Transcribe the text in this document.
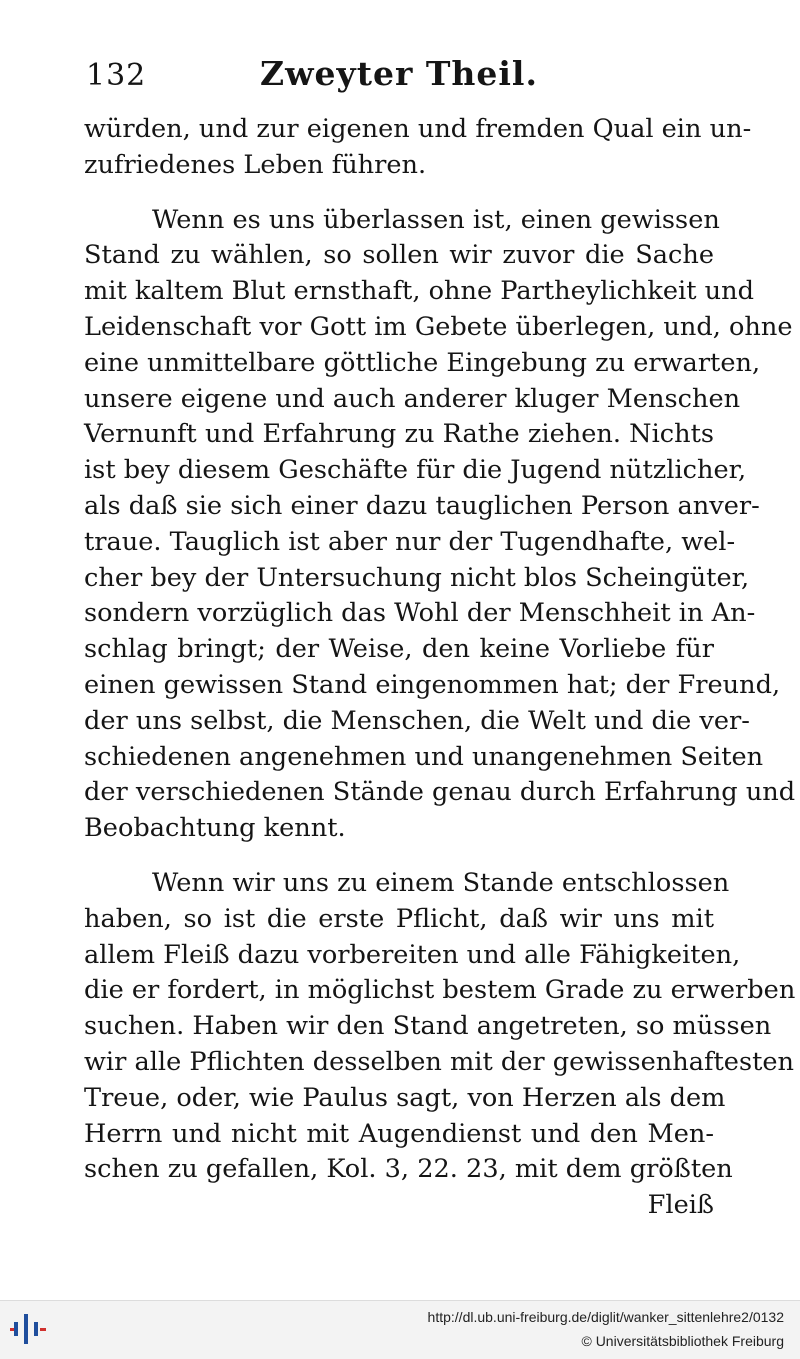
132	Zweyter Theil.
würden, und zur eigenen und fremden Qual ein un-
zufriedenes Leben führen.
Wenn es uns überlassen ist, einen gewissen
Stand zu wählen, so sollen wir zuvor die Sache
mit kaltem Blut ernsthaft, ohne Partheylichkeit und
Leidenschaft vor Gott im Gebete überlegen, und, ohne
eine unmittelbare göttliche Eingebung zu erwarten,
unsere eigene und auch anderer kluger Menschen
Vernunft und Erfahrung zu Rathe ziehen. Nichts
ist bey diesem Geschäfte für die Jugend nützlicher,
als daß sie sich einer dazu tauglichen Person anver-
traue. Tauglich ist aber nur der Tugendhafte, wel-
cher bey der Untersuchung nicht blos Scheingüter,
sondern vorzüglich das Wohl der Menschheit in An-
schlag bringt; der Weise, den keine Vorliebe für
einen gewissen Stand eingenommen hat; der Freund,
der uns selbst, die Menschen, die Welt und die ver-
schiedenen angenehmen und unangenehmen Seiten
der verschiedenen Stände genau durch Erfahrung und
Beobachtung kennt.
Wenn wir uns zu einem Stande entschlossen
haben, so ist die erste Pflicht, daß wir uns mit
allem Fleiß dazu vorbereiten und alle Fähigkeiten,
die er fordert, in möglichst bestem Grade zu erwerben
suchen. Haben wir den Stand angetreten, so müssen
wir alle Pflichten desselben mit der gewissenhaftesten
Treue, oder, wie Paulus sagt, von Herzen als dem
Herrn und nicht mit Augendienst und den Men-
schen zu gefallen, Kol. 3, 22. 23, mit dem größten
Fleiß
http://dl.ub.uni-freiburg.de/diglit/wanker_sittenlehre2/0132
© Universitätsbibliothek Freiburg
